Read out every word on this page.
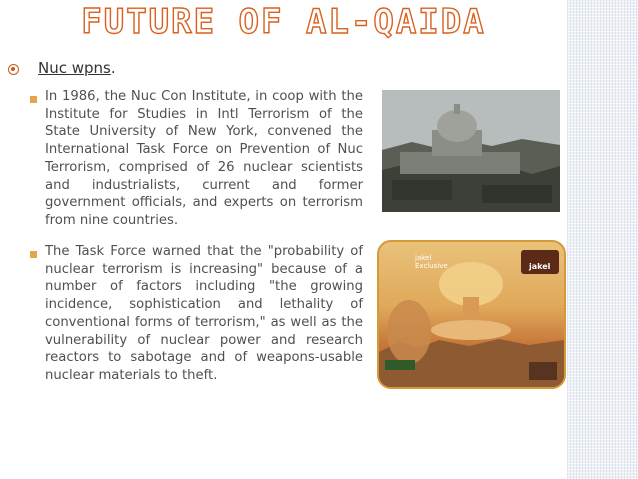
FUTURE OF AL-QAIDA
Nuc wpns.

In 1986, the Nuc Con Institute, in coop with the Institute for Studies in Intl Terrorism of the State University of New York, convened the International Task Force on Prevention of Nuc Terrorism, comprised of 26 nuclear scientists and industrialists, current and former government officials, and experts on terrorism from nine countries.

The Task Force warned that the "probability of nuclear terrorism is increasing" because of a number of factors including "the growing incidence, sophistication and lethality of conventional forms of terrorism," as well as the vulnerability of nuclear power and research reactors to sabotage and of weapons-usable nuclear materials to theft.

jakel Exclusive	jakel
